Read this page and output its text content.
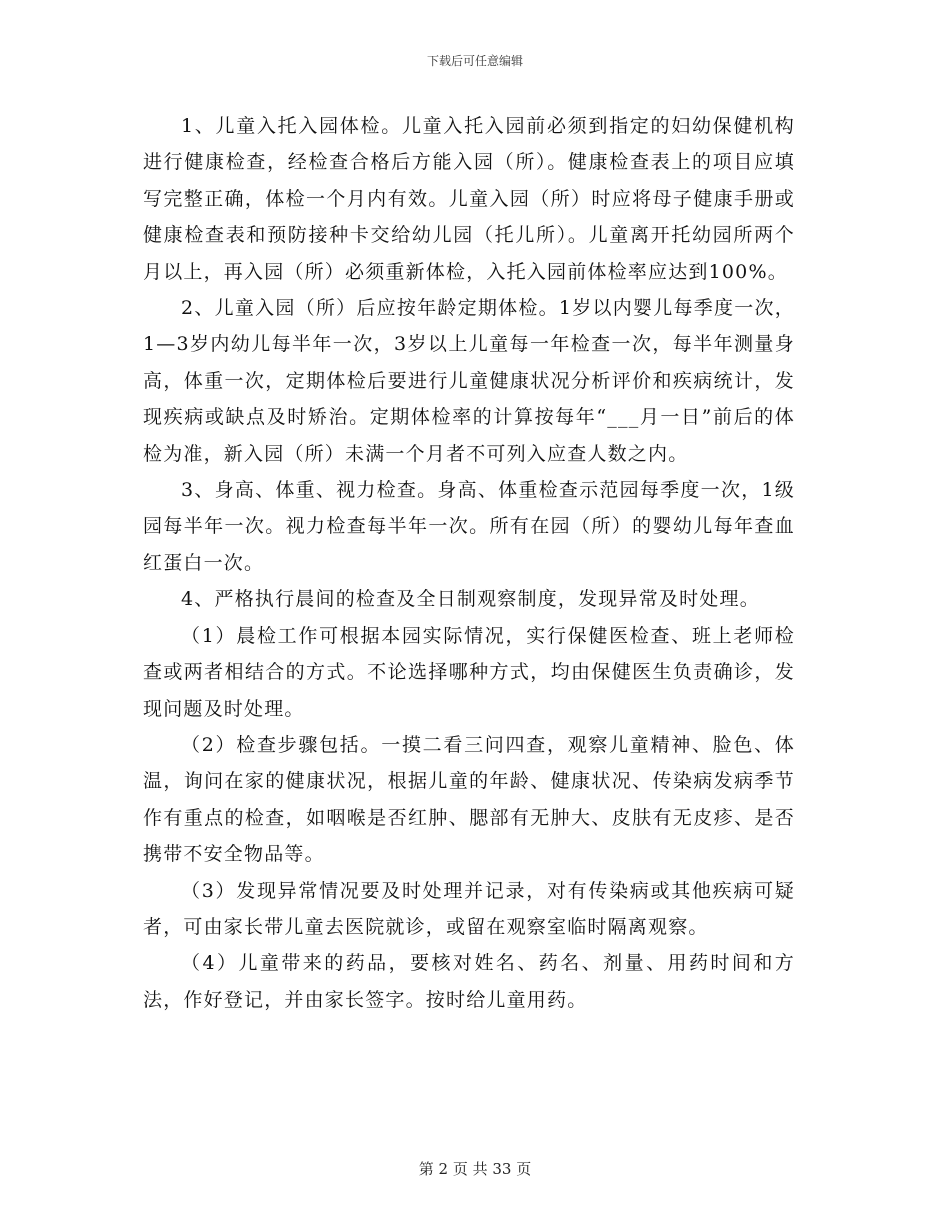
下载后可任意编辑

1、儿童入托入园体检。儿童入托入园前必须到指定的妇幼保健机构进行健康检查，经检查合格后方能入园（所）。健康检查表上的项目应填写完整正确，体检一个月内有效。儿童入园（所）时应将母子健康手册或健康检查表和预防接种卡交给幼儿园（托儿所）。儿童离开托幼园所两个月以上，再入园（所）必须重新体检，入托入园前体检率应达到100%。

2、儿童入园（所）后应按年龄定期体检。1岁以内婴儿每季度一次，1—3岁内幼儿每半年一次，3岁以上儿童每一年检查一次，每半年测量身高，体重一次，定期体检后要进行儿童健康状况分析评价和疾病统计，发现疾病或缺点及时矫治。定期体检率的计算按每年“___月一日”前后的体检为准，新入园（所）未满一个月者不可列入应查人数之内。

3、身高、体重、视力检查。身高、体重检查示范园每季度一次，1级园每半年一次。视力检查每半年一次。所有在园（所）的婴幼儿每年查血红蛋白一次。

4、严格执行晨间的检查及全日制观察制度，发现异常及时处理。

（1）晨检工作可根据本园实际情况，实行保健医检查、班上老师检查或两者相结合的方式。不论选择哪种方式，均由保健医生负责确诊，发现问题及时处理。

（2）检查步骤包括。一摸二看三问四查，观察儿童精神、脸色、体温，询问在家的健康状况，根据儿童的年龄、健康状况、传染病发病季节作有重点的检查，如咽喉是否红肿、腮部有无肿大、皮肤有无皮疹、是否携带不安全物品等。

（3）发现异常情况要及时处理并记录，对有传染病或其他疾病可疑者，可由家长带儿童去医院就诊，或留在观察室临时隔离观察。

（4）儿童带来的药品，要核对姓名、药名、剂量、用药时间和方法，作好登记，并由家长签字。按时给儿童用药。

第 2 页 共 33 页
